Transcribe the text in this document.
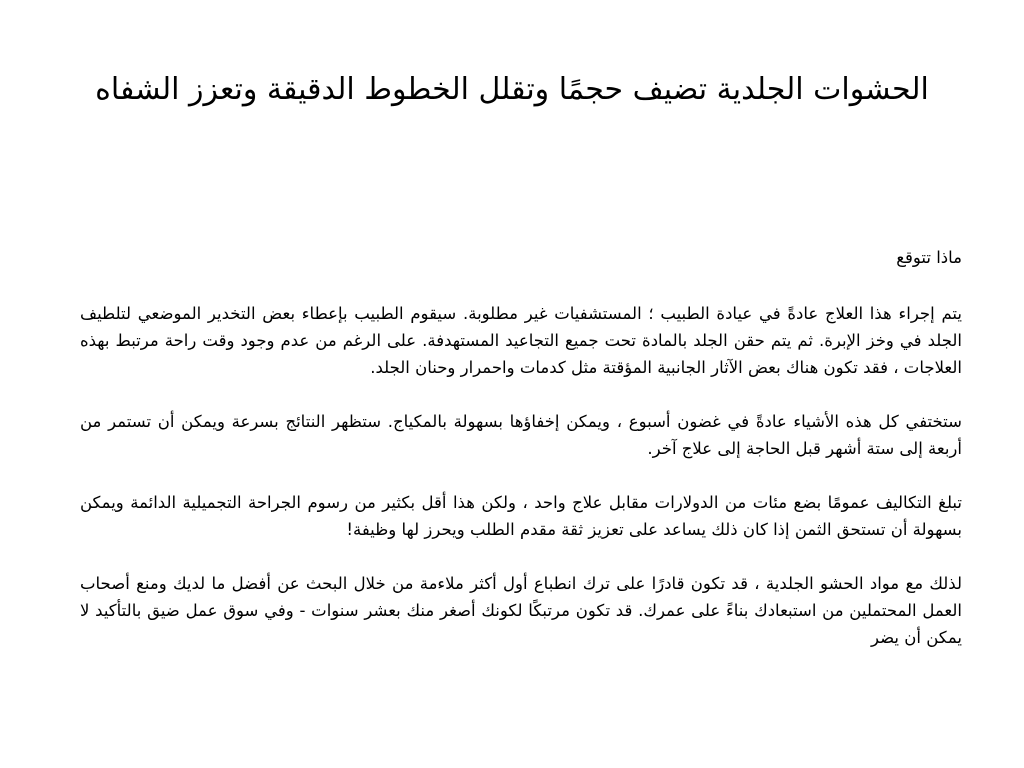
الحشوات الجلدية تضيف حجمًا وتقلل الخطوط الدقيقة وتعزز الشفاه

ماذا تتوقع

يتم إجراء هذا العلاج عادةً في عيادة الطبيب ؛ المستشفيات غير مطلوبة. سيقوم الطبيب بإعطاء بعض التخدير الموضعي لتلطيف الجلد في وخز الإبرة. ثم يتم حقن الجلد بالمادة تحت جميع التجاعيد المستهدفة. على الرغم من عدم وجود وقت راحة مرتبط بهذه العلاجات ، فقد تكون هناك بعض الآثار الجانبية المؤقتة مثل كدمات واحمرار وحنان الجلد.

ستختفي كل هذه الأشياء عادةً في غضون أسبوع ، ويمكن إخفاؤها بسهولة بالمكياج. ستظهر النتائج بسرعة ويمكن أن تستمر من أربعة إلى ستة أشهر قبل الحاجة إلى علاج آخر.

تبلغ التكاليف عمومًا بضع مئات من الدولارات مقابل علاج واحد ، ولكن هذا أقل بكثير من رسوم الجراحة التجميلية الدائمة ويمكن بسهولة أن تستحق الثمن إذا كان ذلك يساعد على تعزيز ثقة مقدم الطلب ويحرز لها وظيفة!

لذلك مع مواد الحشو الجلدية ، قد تكون قادرًا على ترك انطباع أول أكثر ملاءمة من خلال البحث عن أفضل ما لديك ومنع أصحاب العمل المحتملين من استبعادك بناءً على عمرك. قد تكون مرتبكًا لكونك أصغر منك بعشر سنوات - وفي سوق عمل ضيق بالتأكيد لا يمكن أن يضر
